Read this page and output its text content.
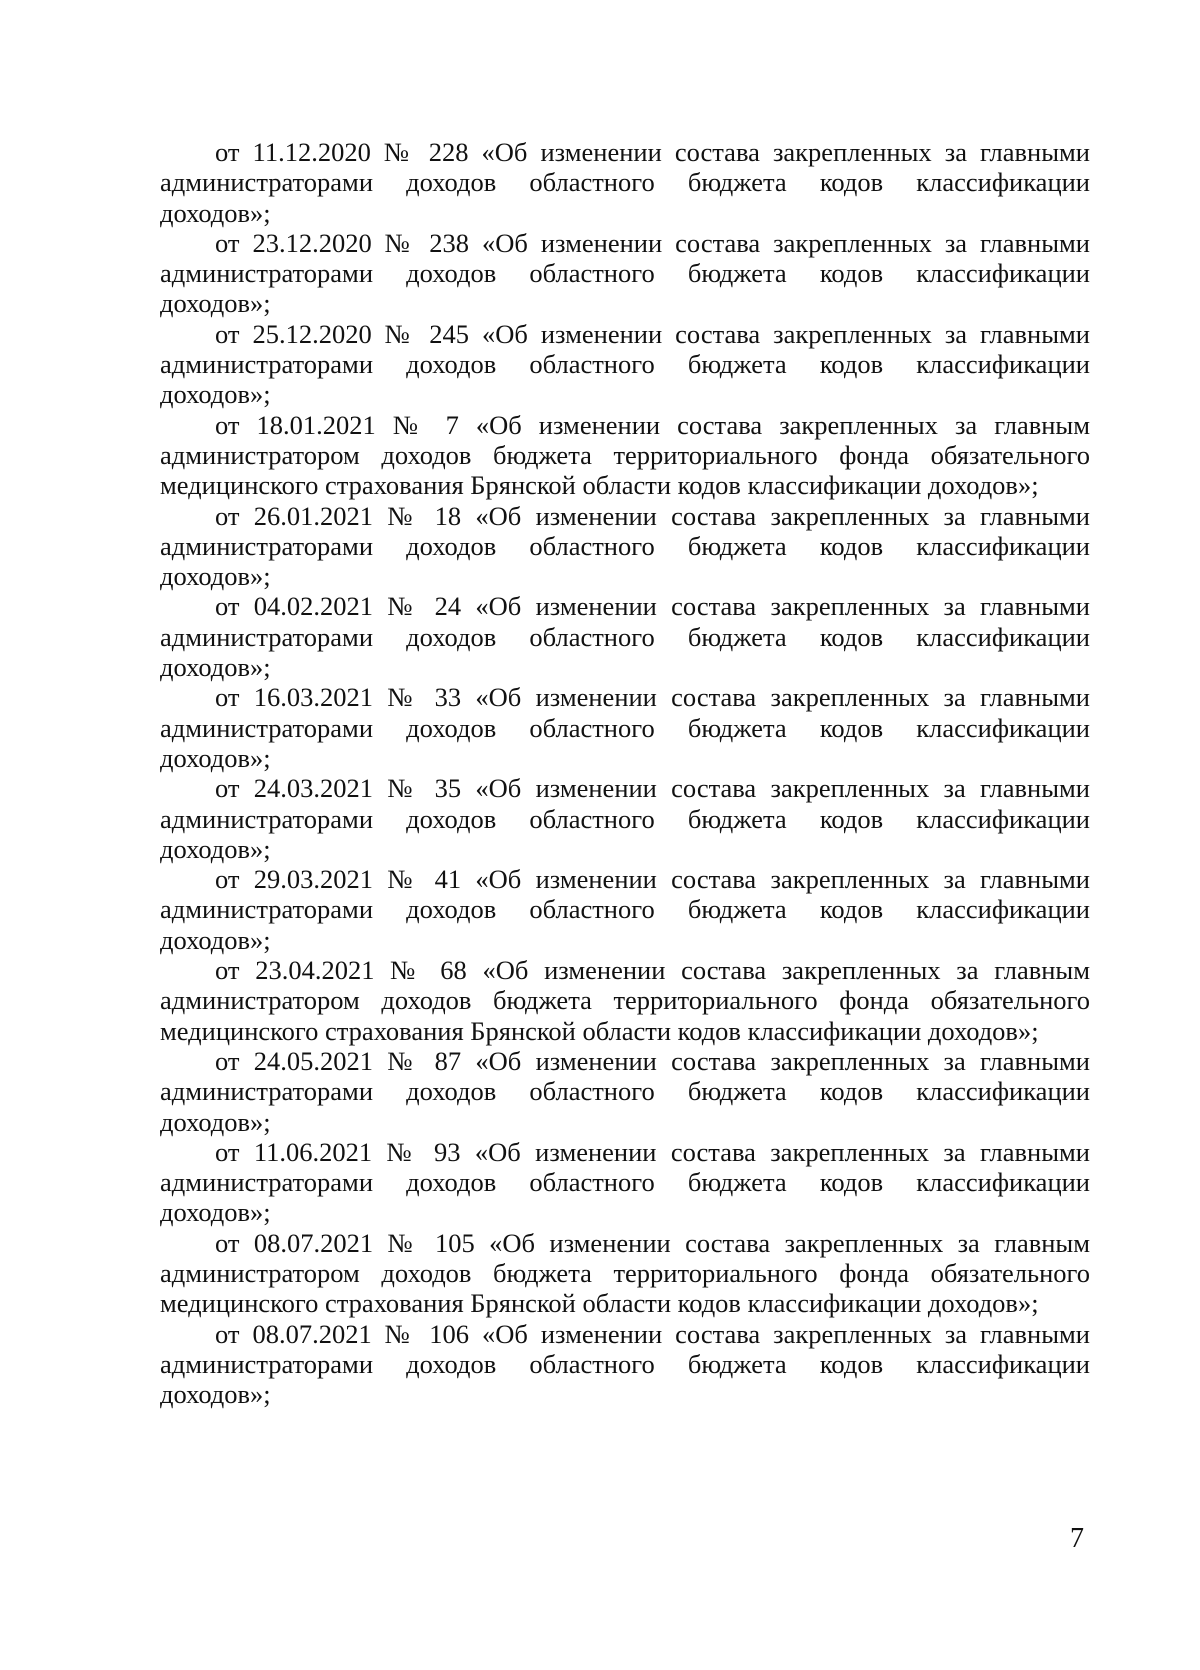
от 11.12.2020 № 228 «Об изменении состава закрепленных за главными
администраторами доходов областного бюджета кодов классификации
доходов»;

от 23.12.2020 № 238 «Об изменении состава закрепленных за главными
администраторами доходов областного бюджета кодов классификации
доходов»;

от 25.12.2020 № 245 «Об изменении состава закрепленных за главными
администраторами доходов областного бюджета кодов классификации
доходов»;

от 18.01.2021 № 7 «Об изменении состава закрепленных за главным
администратором доходов бюджета территориального фонда обязательного
медицинского страхования Брянской области кодов классификации доходов»;

от 26.01.2021 № 18 «Об изменении состава закрепленных за главными
администраторами доходов областного бюджета кодов классификации
доходов»;

от 04.02.2021 № 24 «Об изменении состава закрепленных за главными
администраторами доходов областного бюджета кодов классификации
доходов»;

от 16.03.2021 № 33 «Об изменении состава закрепленных за главными
администраторами доходов областного бюджета кодов классификации
доходов»;

от 24.03.2021 № 35 «Об изменении состава закрепленных за главными
администраторами доходов областного бюджета кодов классификации
доходов»;

от 29.03.2021 № 41 «Об изменении состава закрепленных за главными
администраторами доходов областного бюджета кодов классификации
доходов»;

от 23.04.2021 № 68 «Об изменении состава закрепленных за главным
администратором доходов бюджета территориального фонда обязательного
медицинского страхования Брянской области кодов классификации доходов»;

от 24.05.2021 № 87 «Об изменении состава закрепленных за главными
администраторами доходов областного бюджета кодов классификации
доходов»;

от 11.06.2021 № 93 «Об изменении состава закрепленных за главными
администраторами доходов областного бюджета кодов классификации
доходов»;

от 08.07.2021 № 105 «Об изменении состава закрепленных за главным
администратором доходов бюджета территориального фонда обязательного
медицинского страхования Брянской области кодов классификации доходов»;

от 08.07.2021 № 106 «Об изменении состава закрепленных за главными
администраторами доходов областного бюджета кодов классификации
доходов»;

7
